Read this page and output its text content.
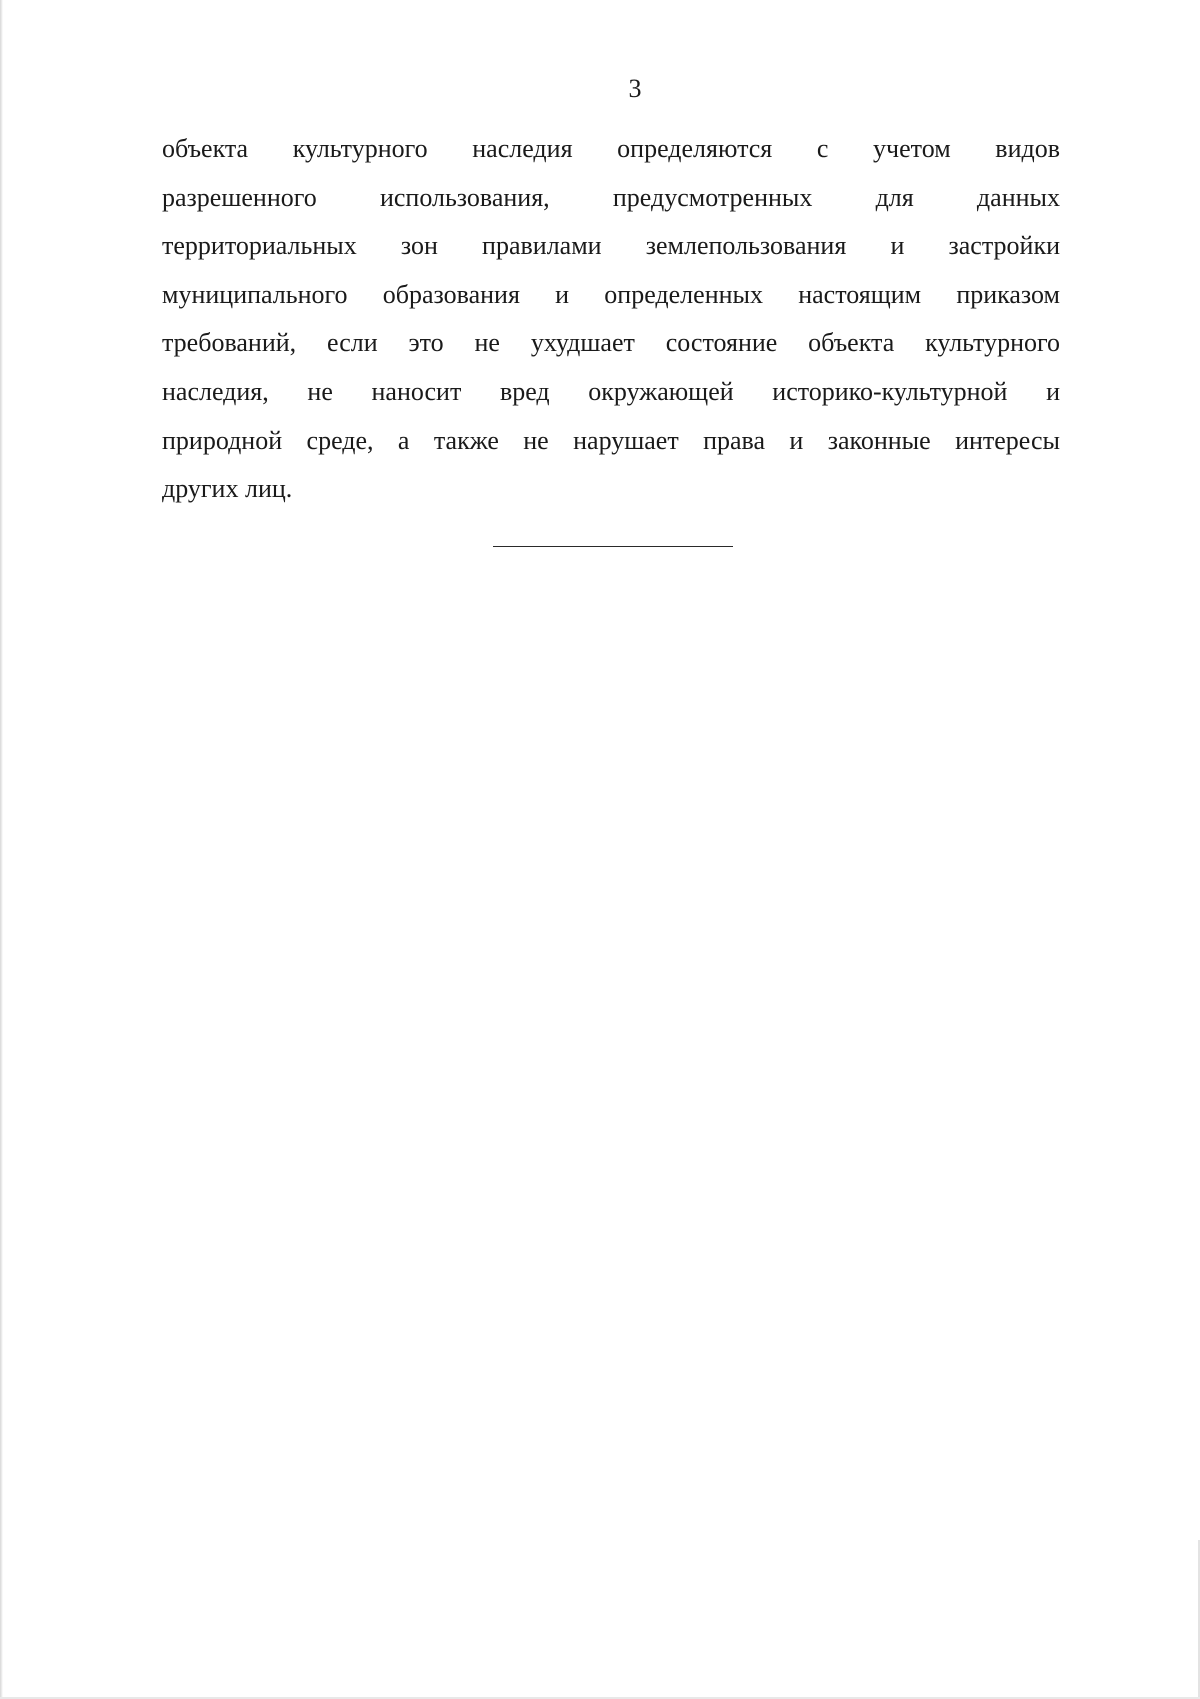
3
объекта культурного наследия определяются с учетом видов
разрешенного использования, предусмотренных для данных
территориальных зон правилами землепользования и застройки
муниципального образования и определенных настоящим приказом
требований, если это не ухудшает состояние объекта культурного
наследия, не наносит вред окружающей историко-культурной и
природной среде, а также не нарушает права и законные интересы
других лиц.
